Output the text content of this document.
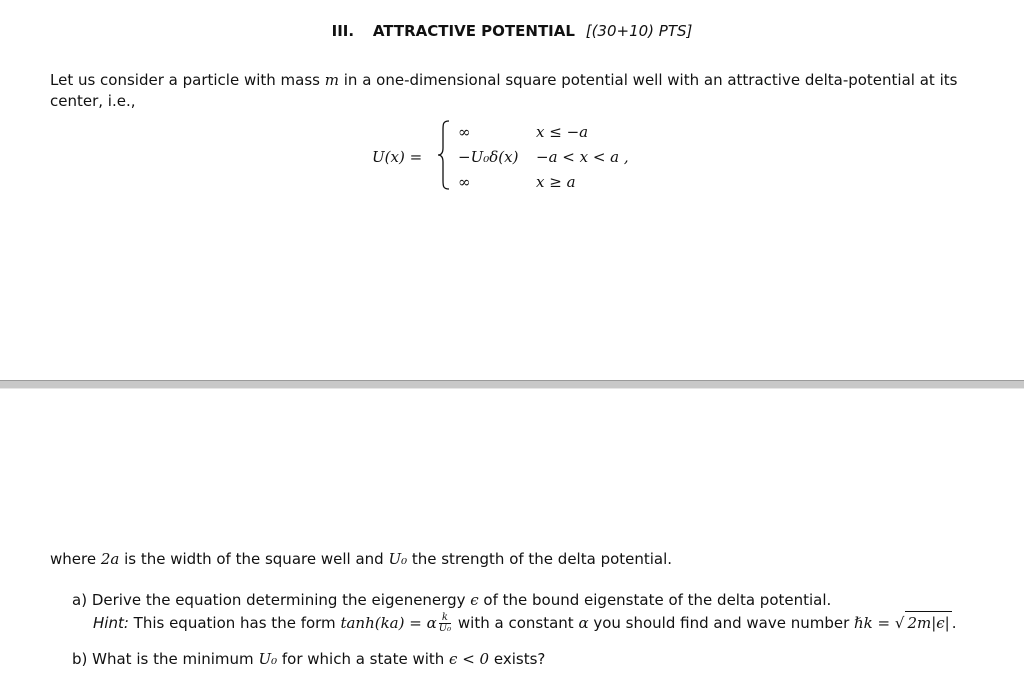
III. ATTRACTIVE POTENTIAL [(30+10) PTS]
Let us consider a particle with mass m in a one-dimensional square potential well with an attractive delta-potential at its center, i.e.,
U(x) =
∞	x ≤ −a
−U₀δ(x) −a < x < a ,
∞	x ≥ a
where 2a is the width of the square well and U₀ the strength of the delta potential.
a) Derive the equation determining the eigenenergy ϵ of the bound eigenstate of the delta potential.
Hint: This equation has the form tanh(ka) = α $\frac{k}{\text{U₀}}$ with a constant α you should find and wave number ℏk = √ 2m|ϵ| .
b) What is the minimum U₀ for which a state with ϵ < 0 exists?
